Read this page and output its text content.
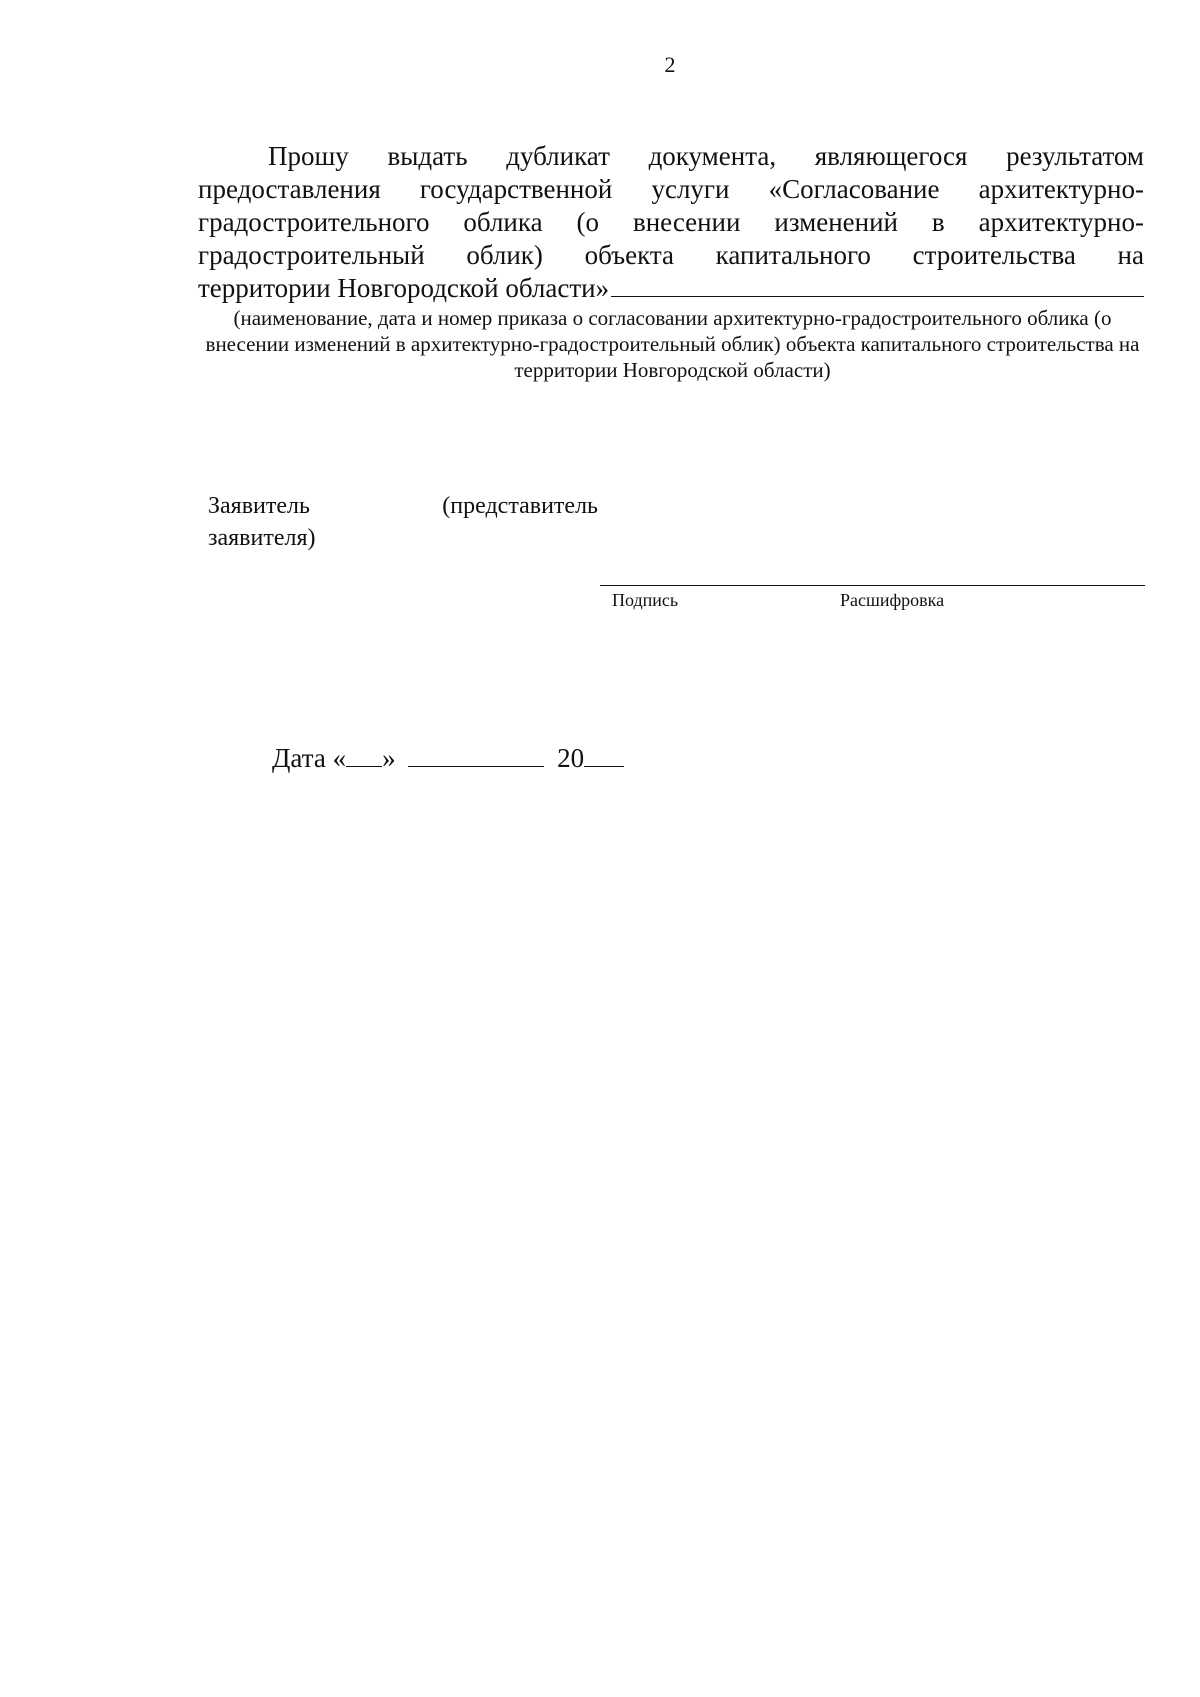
2
Прошу выдать дубликат документа, являющегося результатом предоставления государственной услуги «Согласование архитектурно-градостроительного облика (о внесении изменений в архитектурно-градостроительный облик) объекта капитального строительства на
территории Новгородской области»
(наименование, дата и номер приказа о согласовании архитектурно-градостроительного облика (о внесении изменений в архитектурно-градостроительный облик) объекта капитального строительства на территории Новгородской области)
Заявитель	(представитель
заявителя)
Подпись	Расшифровка
Дата « »	20
